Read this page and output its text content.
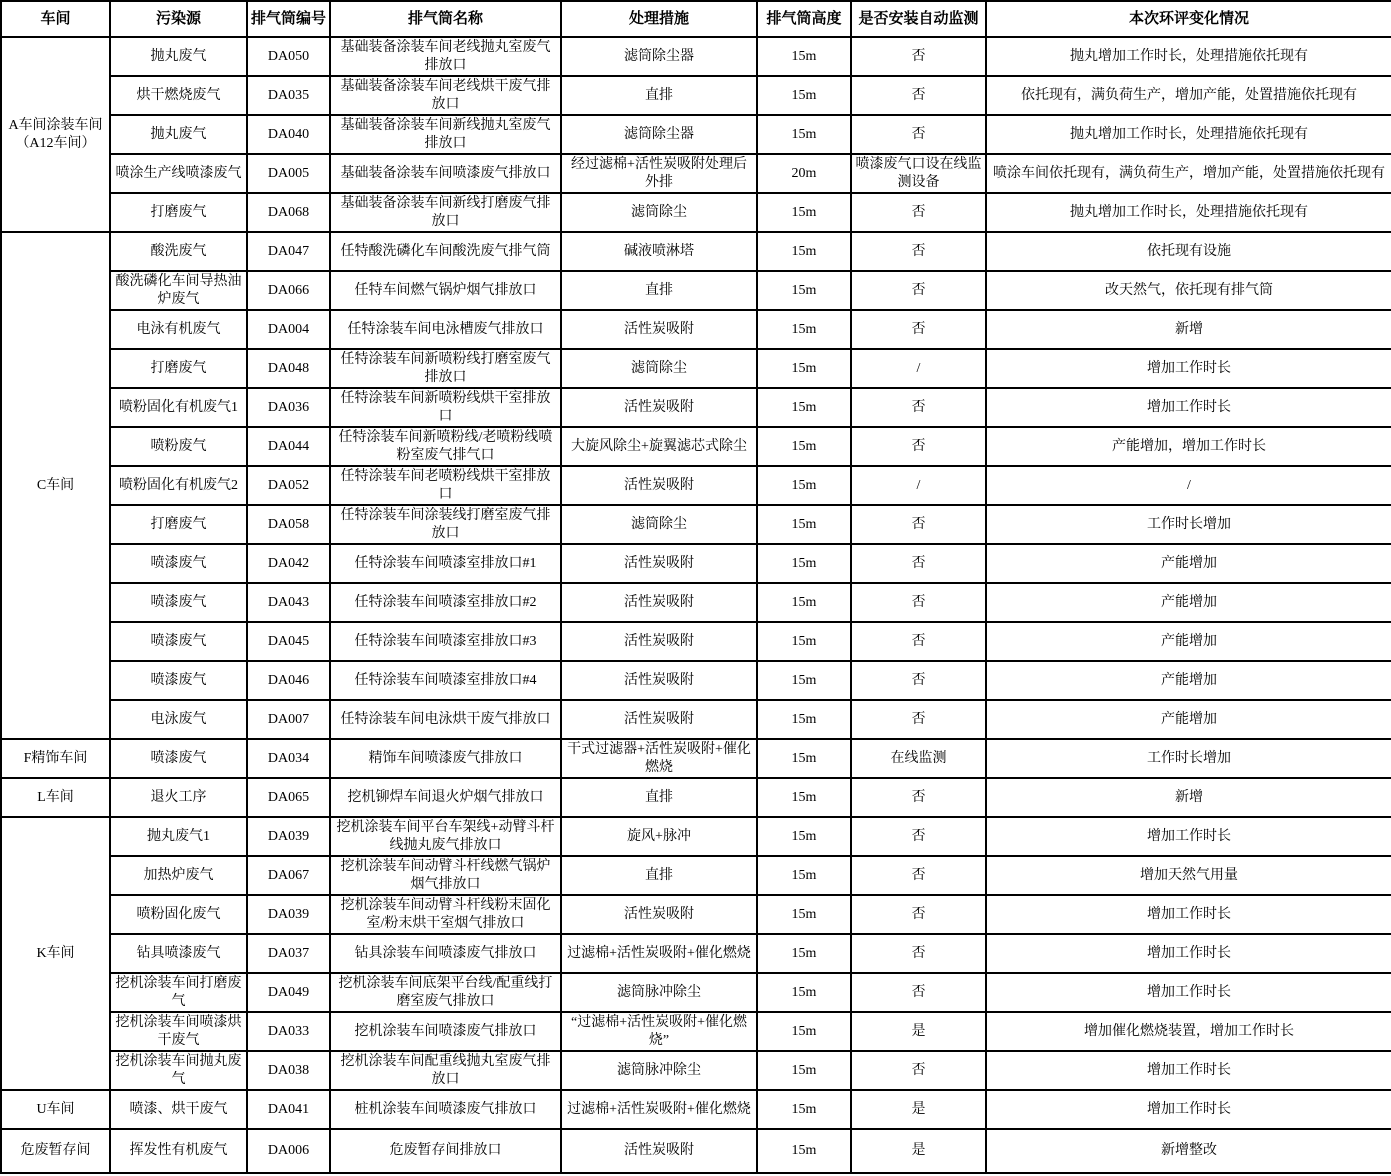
车间	污染源	排气筒编号	排气筒名称	处理措施	排气筒高度	是否安装自动监测	本次环评变化情况
A车间涂装车间（A12车间）	抛丸废气	DA050	基础装备涂装车间老线抛丸室废气排放口	滤筒除尘器	15m	否	抛丸增加工作时长，处理措施依托现有
	烘干燃烧废气	DA035	基础装备涂装车间老线烘干废气排放口	直排	15m	否	依托现有，满负荷生产，增加产能，处置措施依托现有
	抛丸废气	DA040	基础装备涂装车间新线抛丸室废气排放口	滤筒除尘器	15m	否	抛丸增加工作时长，处理措施依托现有
	喷涂生产线喷漆废气	DA005	基础装备涂装车间喷漆废气排放口	经过滤棉+活性炭吸附处理后外排	20m	喷漆废气口设在线监测设备	喷涂车间依托现有，满负荷生产，增加产能，处置措施依托现有
	打磨废气	DA068	基础装备涂装车间新线打磨废气排放口	滤筒除尘	15m	否	抛丸增加工作时长，处理措施依托现有
C车间	酸洗废气	DA047	任特酸洗磷化车间酸洗废气排气筒	碱液喷淋塔	15m	否	依托现有设施
	酸洗磷化车间导热油炉废气	DA066	任特车间燃气锅炉烟气排放口	直排	15m	否	改天然气，依托现有排气筒
	电泳有机废气	DA004	任特涂装车间电泳槽废气排放口	活性炭吸附	15m	否	新增
	打磨废气	DA048	任特涂装车间新喷粉线打磨室废气排放口	滤筒除尘	15m	/	增加工作时长
	喷粉固化有机废气1	DA036	任特涂装车间新喷粉线烘干室排放口	活性炭吸附	15m	否	增加工作时长
	喷粉废气	DA044	任特涂装车间新喷粉线/老喷粉线喷粉室废气排气口	大旋风除尘+旋翼滤芯式除尘	15m	否	产能增加，增加工作时长
	喷粉固化有机废气2	DA052	任特涂装车间老喷粉线烘干室排放口	活性炭吸附	15m	/	/
	打磨废气	DA058	任特涂装车间涂装线打磨室废气排放口	滤筒除尘	15m	否	工作时长增加
	喷漆废气	DA042	任特涂装车间喷漆室排放口#1	活性炭吸附	15m	否	产能增加
	喷漆废气	DA043	任特涂装车间喷漆室排放口#2	活性炭吸附	15m	否	产能增加
	喷漆废气	DA045	任特涂装车间喷漆室排放口#3	活性炭吸附	15m	否	产能增加
	喷漆废气	DA046	任特涂装车间喷漆室排放口#4	活性炭吸附	15m	否	产能增加
	电泳废气	DA007	任特涂装车间电泳烘干废气排放口	活性炭吸附	15m	否	产能增加
F精饰车间	喷漆废气	DA034	精饰车间喷漆废气排放口	干式过滤器+活性炭吸附+催化燃烧	15m	在线监测	工作时长增加
L车间	退火工序	DA065	挖机铆焊车间退火炉烟气排放口	直排	15m	否	新增
K车间	抛丸废气1	DA039	挖机涂装车间平台车架线+动臂斗杆线抛丸废气排放口	旋风+脉冲	15m	否	增加工作时长
	加热炉废气	DA067	挖机涂装车间动臂斗杆线燃气锅炉烟气排放口	直排	15m	否	增加天然气用量
	喷粉固化废气	DA039	挖机涂装车间动臂斗杆线粉末固化室/粉末烘干室烟气排放口	活性炭吸附	15m	否	增加工作时长
	钻具喷漆废气	DA037	钻具涂装车间喷漆废气排放口	过滤棉+活性炭吸附+催化燃烧	15m	否	增加工作时长
	挖机涂装车间打磨废气	DA049	挖机涂装车间底架平台线/配重线打磨室废气排放口	滤筒脉冲除尘	15m	否	增加工作时长
	挖机涂装车间喷漆烘干废气	DA033	挖机涂装车间喷漆废气排放口	“过滤棉+活性炭吸附+催化燃烧”	15m	是	增加催化燃烧装置，增加工作时长
	挖机涂装车间抛丸废气	DA038	挖机涂装车间配重线抛丸室废气排放口	滤筒脉冲除尘	15m	否	增加工作时长
U车间	喷漆、烘干废气	DA041	桩机涂装车间喷漆废气排放口	过滤棉+活性炭吸附+催化燃烧	15m	是	增加工作时长
危废暂存间	挥发性有机废气	DA006	危废暂存间排放口	活性炭吸附	15m	是	新增整改
